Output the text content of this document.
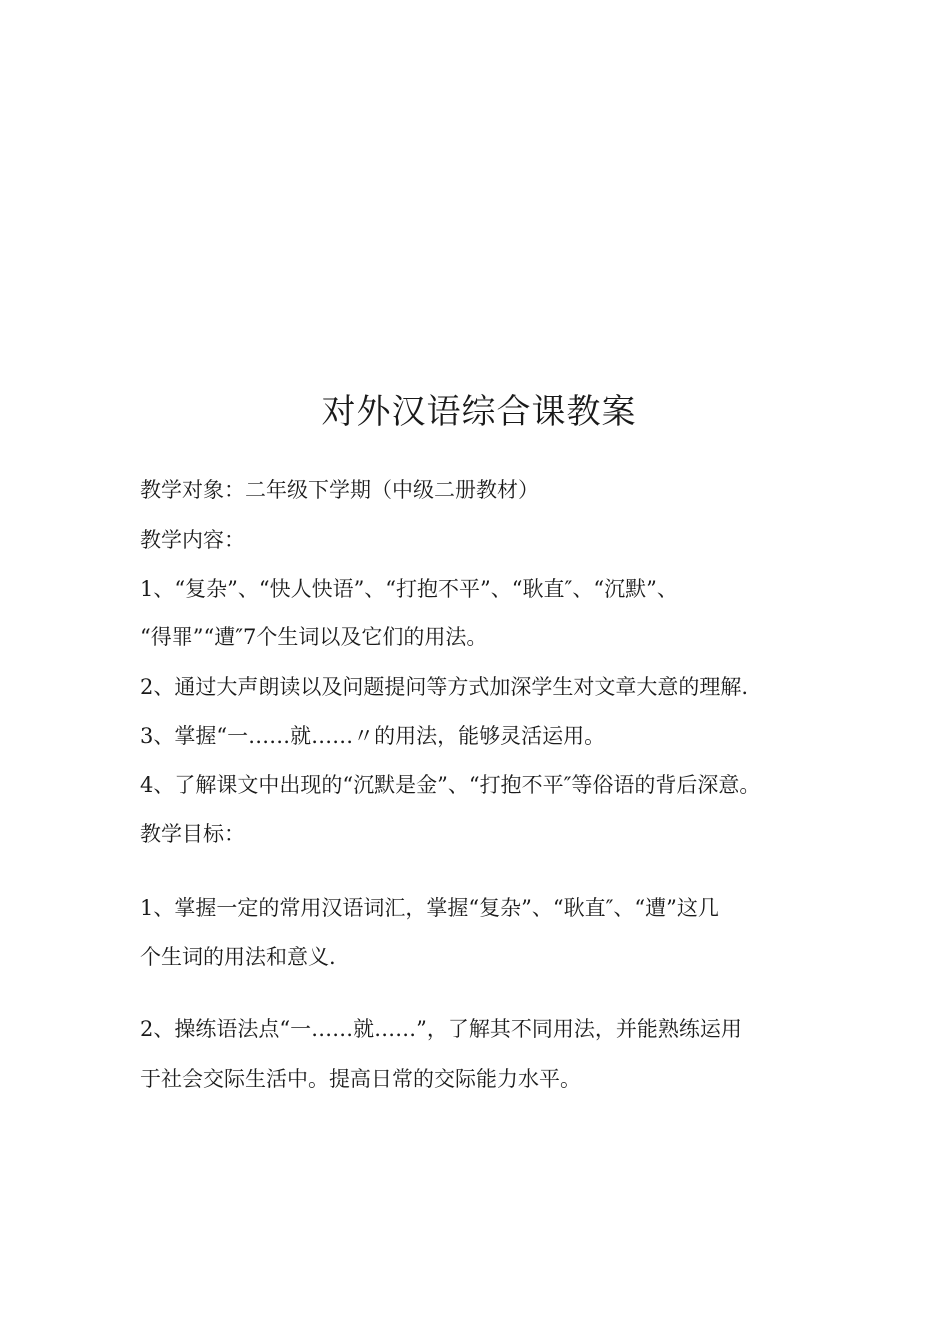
对外汉语综合课教案

教学对象：二年级下学期（中级二册教材）

教学内容：

1、“复杂”、“快人快语”、“打抱不平”、“耿直″、“沉默”、

“得罪”“遭″7个生词以及它们的用法。

2、通过大声朗读以及问题提问等方式加深学生对文章大意的理解.

3、掌握“一……就……〃的用法，能够灵活运用。

4、了解课文中出现的“沉默是金”、“打抱不平″等俗语的背后深意。

教学目标：

1、掌握一定的常用汉语词汇，掌握“复杂”、“耿直″、“遭”这几

个生词的用法和意义.

2、操练语法点“一……就……”，了解其不同用法，并能熟练运用

于社会交际生活中。提高日常的交际能力水平。
